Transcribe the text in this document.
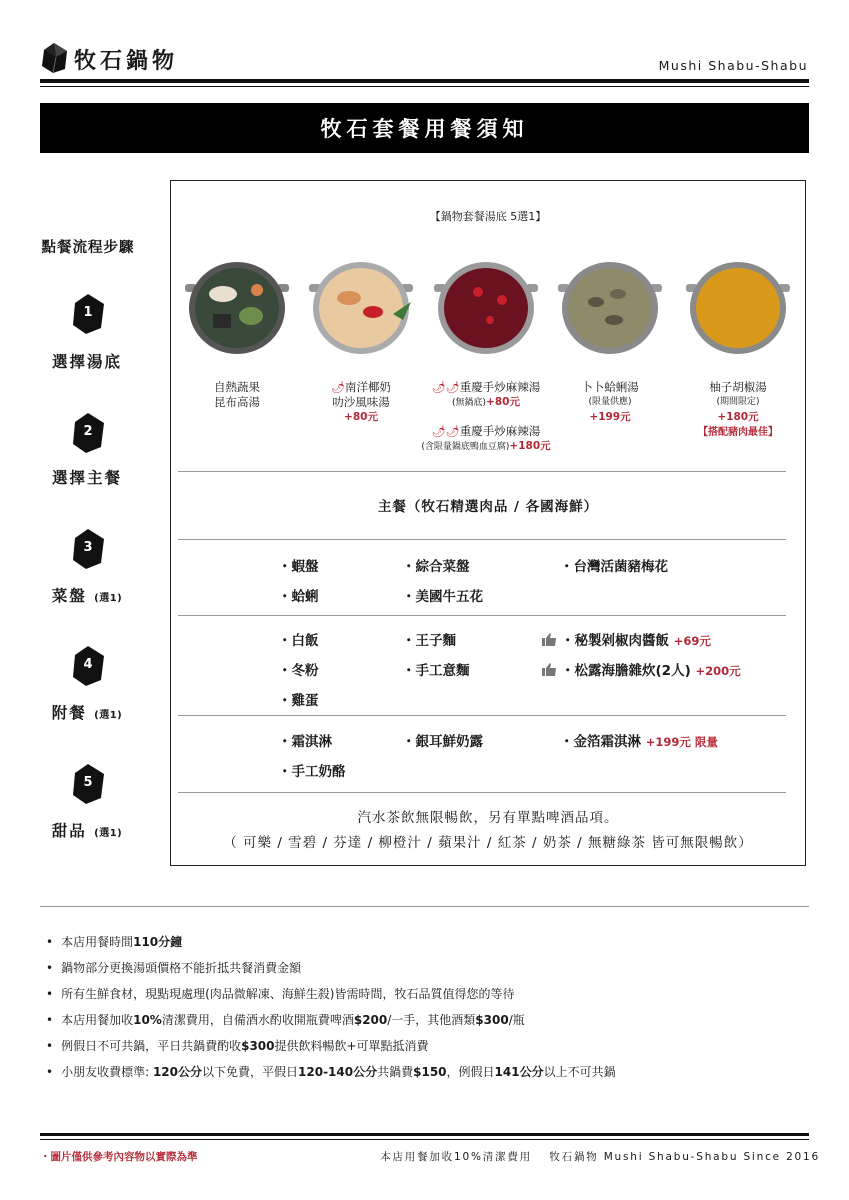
牧石鍋物	Mushi Shabu-Shabu
牧石套餐用餐須知
點餐流程步驟
1
選擇湯底
2
選擇主餐
3
菜盤 (選1)
4
附餐 (選1)
5
甜品 (選1)
【鍋物套餐湯底 5選1】
自熱蔬果
昆布高湯
🌶南洋椰奶
叻沙風味湯
+80元
🌶🌶重慶手炒麻辣湯
(無鍋底)+80元
🌶🌶重慶手炒麻辣湯
(含限量鍋底鴨血豆腐)+180元
卜卜蛤蜊湯
(限量供應)
+199元
柚子胡椒湯
(期間限定)
+180元
【搭配豬肉最佳】
主餐（牧石精選肉品 / 各國海鮮）
・蝦盤	・綜合菜盤	・台灣活菌豬梅花
・蛤蜊	・美國牛五花
・白飯	・王子麵	・秘製剁椒肉醬飯 +69元
・冬粉	・手工意麵	・松露海膽雜炊(2人) +200元
・雞蛋
・霜淇淋	・銀耳鮮奶露	・金箔霜淇淋 +199元 限量
・手工奶酪
汽水茶飲無限暢飲，另有單點啤酒品項。
（ 可樂 / 雪碧 / 芬達 / 柳橙汁 / 蘋果汁 / 紅茶 / 奶茶 / 無糖綠茶 皆可無限暢飲）
• 本店用餐時間110分鐘
• 鍋物部分更換湯頭價格不能折抵共餐消費金額
• 所有生鮮食材，現點現處理(肉品微解凍、海鮮生殺)皆需時間，牧石品質值得您的等待
• 本店用餐加收10%清潔費用，自備酒水酌收開瓶費啤酒$200/一手，其他酒類$300/瓶
• 例假日不可共鍋，平日共鍋費酌收$300提供飲料暢飲+可單點抵消費
• 小朋友收費標準: 120公分以下免費，平假日120-140公分共鍋費$150，例假日141公分以上不可共鍋
・圖片僅供參考內容物以實際為準	本店用餐加收10%清潔費用　 牧石鍋物 Mushi Shabu-Shabu Since 2016
